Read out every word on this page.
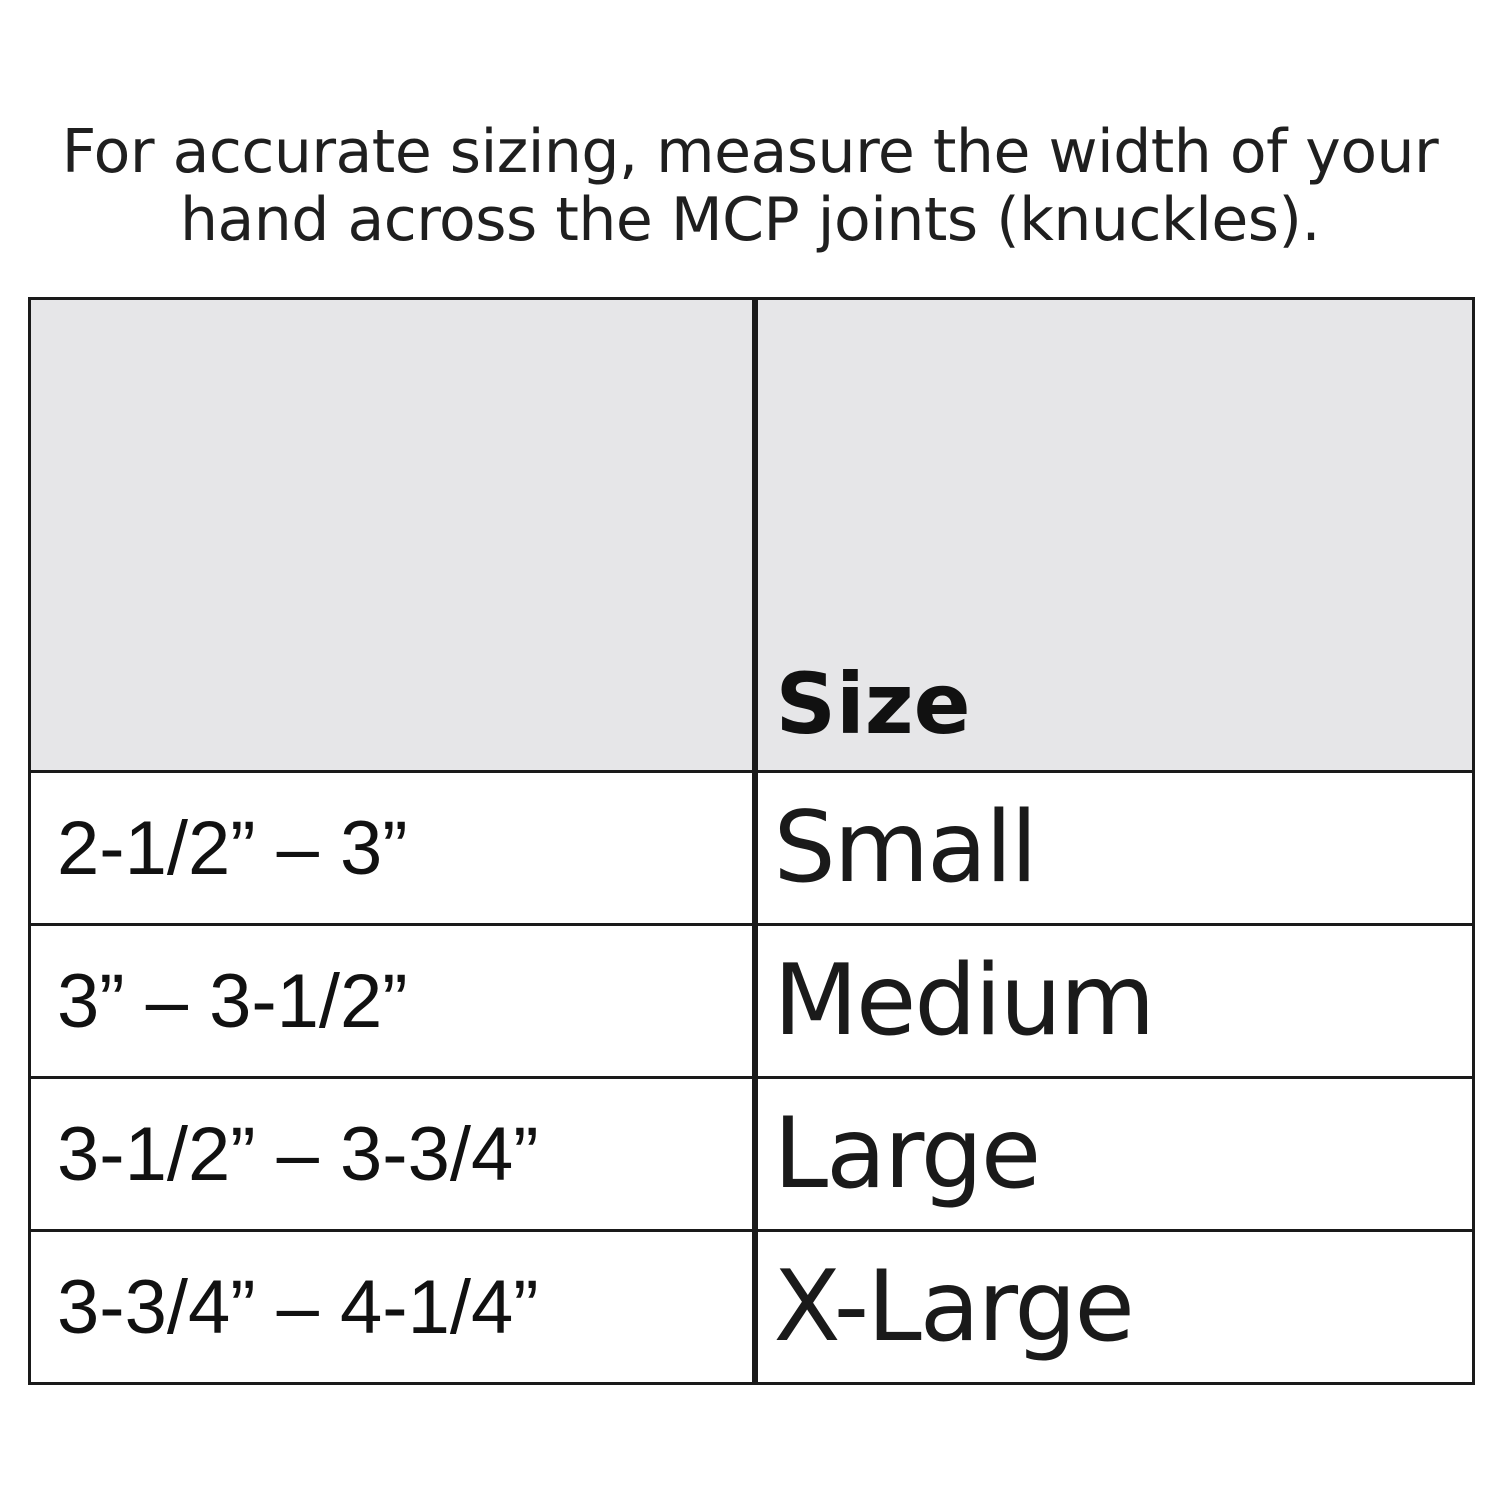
For accurate sizing, measure the width of your
hand across the MCP joints (knuckles).
	Size
2-1/2” – 3”	Small
3” – 3-1/2”	Medium
3-1/2” – 3-3/4”	Large
3-3/4” – 4-1/4”	X-Large
